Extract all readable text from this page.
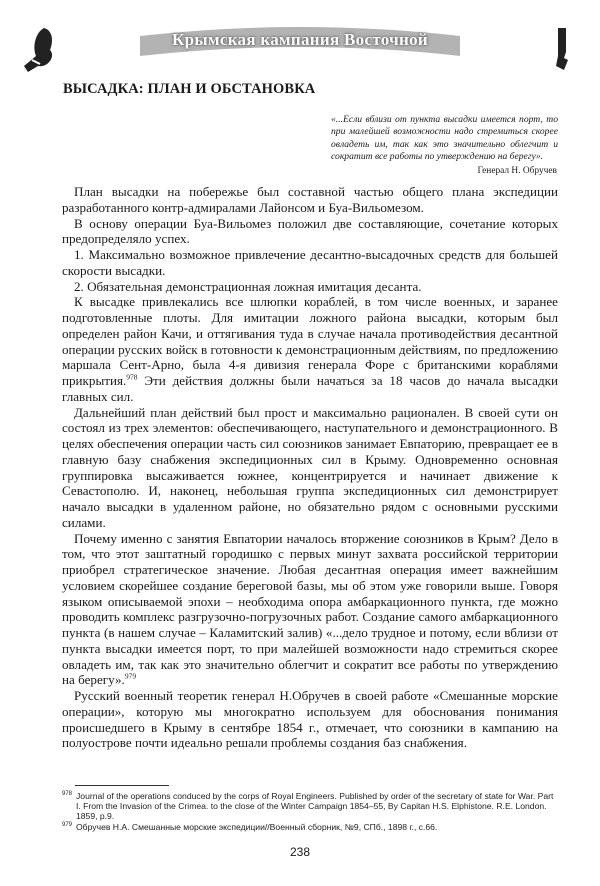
Крымская кампания Восточной
ВЫСАДКА: ПЛАН И ОБСТАНОВКА
«...Если вблизи от пункта высадки имеется порт, то при малейшей возможности надо стремиться скорее овладеть им, так как это значительно облегчит и сократит все работы по утверждению на берегу».
Генерал Н. Обручев

План высадки на побережье был составной частью общего плана экспедиции разработанного контр-адмиралами Лайонсом и Буа-Вильомезом.

В основу операции Буа-Вильомез положил две составляющие, сочетание которых предопределяло успех.

1. Максимально возможное привлечение десантно-высадочных средств для большей скорости высадки.

2. Обязательная демонстрационная ложная имитация десанта.

К высадке привлекались все шлюпки кораблей, в том числе военных, и заранее подготовленные плоты. Для имитации ложного района высадки, которым был определен район Качи, и оттягивания туда в случае начала противодействия десантной операции русских войск в готовности к демонстрационным действиям, по предложению маршала Сент-Арно, была 4-я дивизия генерала Форе с британскими кораблями прикрытия.$^{978}$ Эти действия должны были начаться за 18 часов до начала высадки главных сил.

Дальнейший план действий был прост и максимально рационален. В своей сути он состоял из трех элементов: обеспечивающего, наступательного и демонстрационного. В целях обеспечения операции часть сил союзников занимает Евпаторию, превращает ее в главную базу снабжения экспедиционных сил в Крыму. Одновременно основная группировка высаживается южнее, концентрируется и начинает движение к Севастополю. И, наконец, небольшая группа экспедиционных сил демонстрирует начало высадки в удаленном районе, но обязательно рядом с основными русскими силами.

Почему именно с занятия Евпатории началось вторжение союзников в Крым? Дело в том, что этот заштатный городишко с первых минут захвата российской территории приобрел стратегическое значение. Любая десантная операция имеет важнейшим условием скорейшее создание береговой базы, мы об этом уже говорили выше. Говоря языком описываемой эпохи – необходима опора амбаркационного пункта, где можно проводить комплекс разгрузочно-погрузочных работ. Создание самого амбаркационного пункта (в нашем случае – Каламитский залив) «...дело трудное и потому, если вблизи от пункта высадки имеется порт, то при малейшей возможности надо стремиться скорее овладеть им, так как это значительно облегчит и сократит все работы по утверждению на берегу».$^{979}$

Русский военный теоретик генерал Н.Обручев в своей работе «Смешанные морские операции», которую мы многократно используем для обоснования понимания происшедшего в Крыму в сентябре 1854 г., отмечает, что союзники в кампанию на полуострове почти идеально решали проблемы создания баз снабжения.

978 Journal of the operations conduced by the corps of Royal Engineers. Published by order of the secretary of state for War. Part I. From the Invasion of the Crimea. to the close of the Winter Campaign 1854–55, By Capitan H.S. Elphistone. R.E. London. 1859, p.9.
979 Обручев Н.А. Смешанные морские экспедиции//Военный сборник, №9, СПб., 1898 г., с.66.
238
